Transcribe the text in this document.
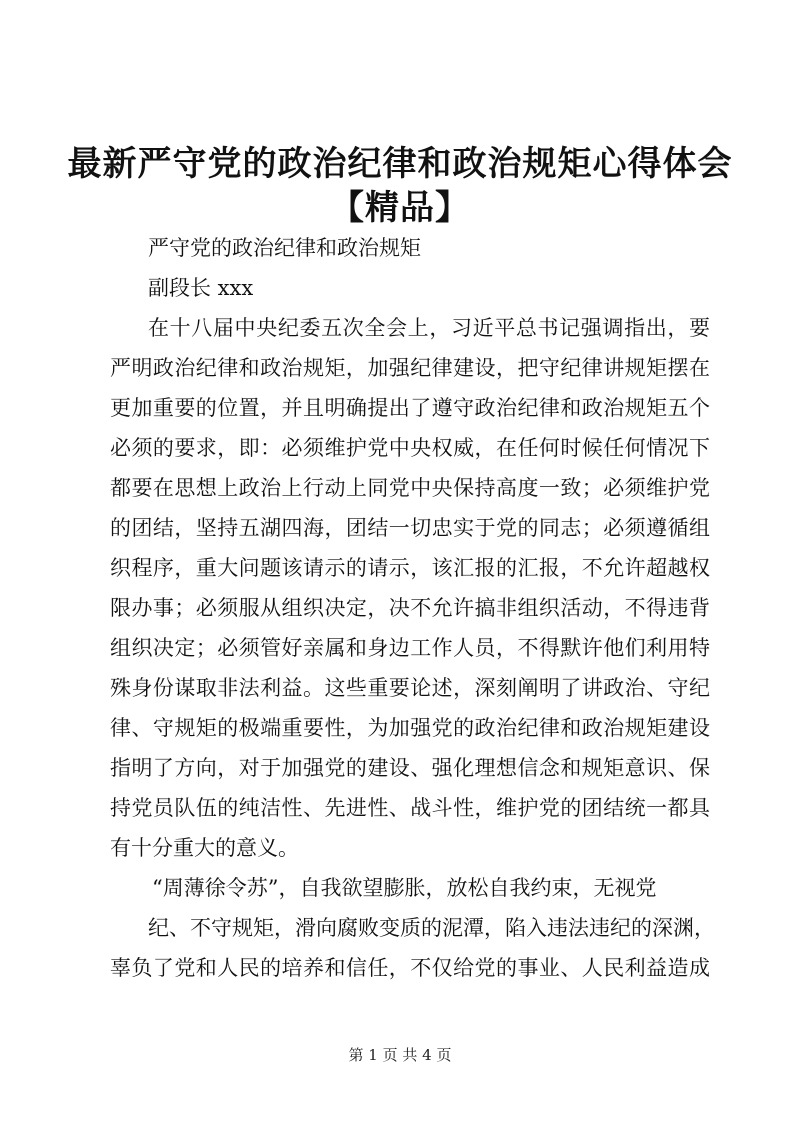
最新严守党的政治纪律和政治规矩心得体会
【精品】
严守党的政治纪律和政治规矩
副段长 xxx
在十八届中央纪委五次全会上，习近平总书记强调指出，要
严明政治纪律和政治规矩，加强纪律建设，把守纪律讲规矩摆在
更加重要的位置，并且明确提出了遵守政治纪律和政治规矩五个
必须的要求，即：必须维护党中央权威，在任何时候任何情况下
都要在思想上政治上行动上同党中央保持高度一致；必须维护党
的团结，坚持五湖四海，团结一切忠实于党的同志；必须遵循组
织程序，重大问题该请示的请示，该汇报的汇报，不允许超越权
限办事；必须服从组织决定，决不允许搞非组织活动，不得违背
组织决定；必须管好亲属和身边工作人员，不得默许他们利用特
殊身份谋取非法利益。这些重要论述，深刻阐明了讲政治、守纪
律、守规矩的极端重要性，为加强党的政治纪律和政治规矩建设
指明了方向，对于加强党的建设、强化理想信念和规矩意识、保
持党员队伍的纯洁性、先进性、战斗性，维护党的团结统一都具
有十分重大的意义。
“周薄徐令苏”，自我欲望膨胀，放松自我约束，无视党
纪、不守规矩，滑向腐败变质的泥潭，陷入违法违纪的深渊，
辜负了党和人民的培养和信任，不仅给党的事业、人民利益造成
第 1 页 共 4 页
